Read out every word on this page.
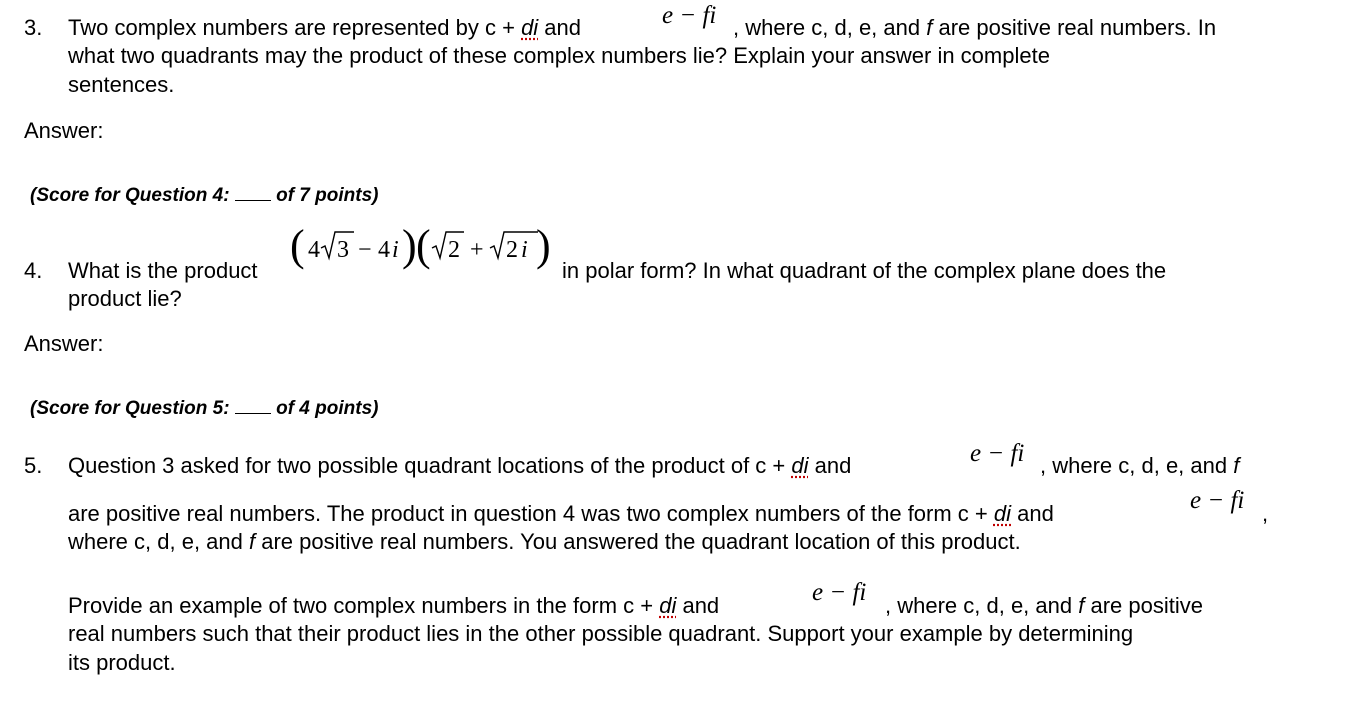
3. Two complex numbers are represented by c + di and	e − fi , where c, d, e, and f are positive real numbers. In
what two quadrants may the product of these complex numbers lie? Explain your answer in complete
sentences.
Answer:
(Score for Question 4:  of 7 points)
4. What is the product
( 4 3 − 4 i ) ( 2 + 2 i )
in polar form? In what quadrant of the complex plane does the
product lie?
Answer:
(Score for Question 5:  of 4 points)
5. Question 3 asked for two possible quadrant locations of the product of c + di and	e − fi , where c, d, e, and f
are positive real numbers. The product in question 4 was two complex numbers of the form c + di and	e − fi ,
where c, d, e, and f are positive real numbers. You answered the quadrant location of this product.
Provide an example of two complex numbers in the form c + di and	e − fi , where c, d, e, and f are positive
real numbers such that their product lies in the other possible quadrant. Support your example by determining
its product.
